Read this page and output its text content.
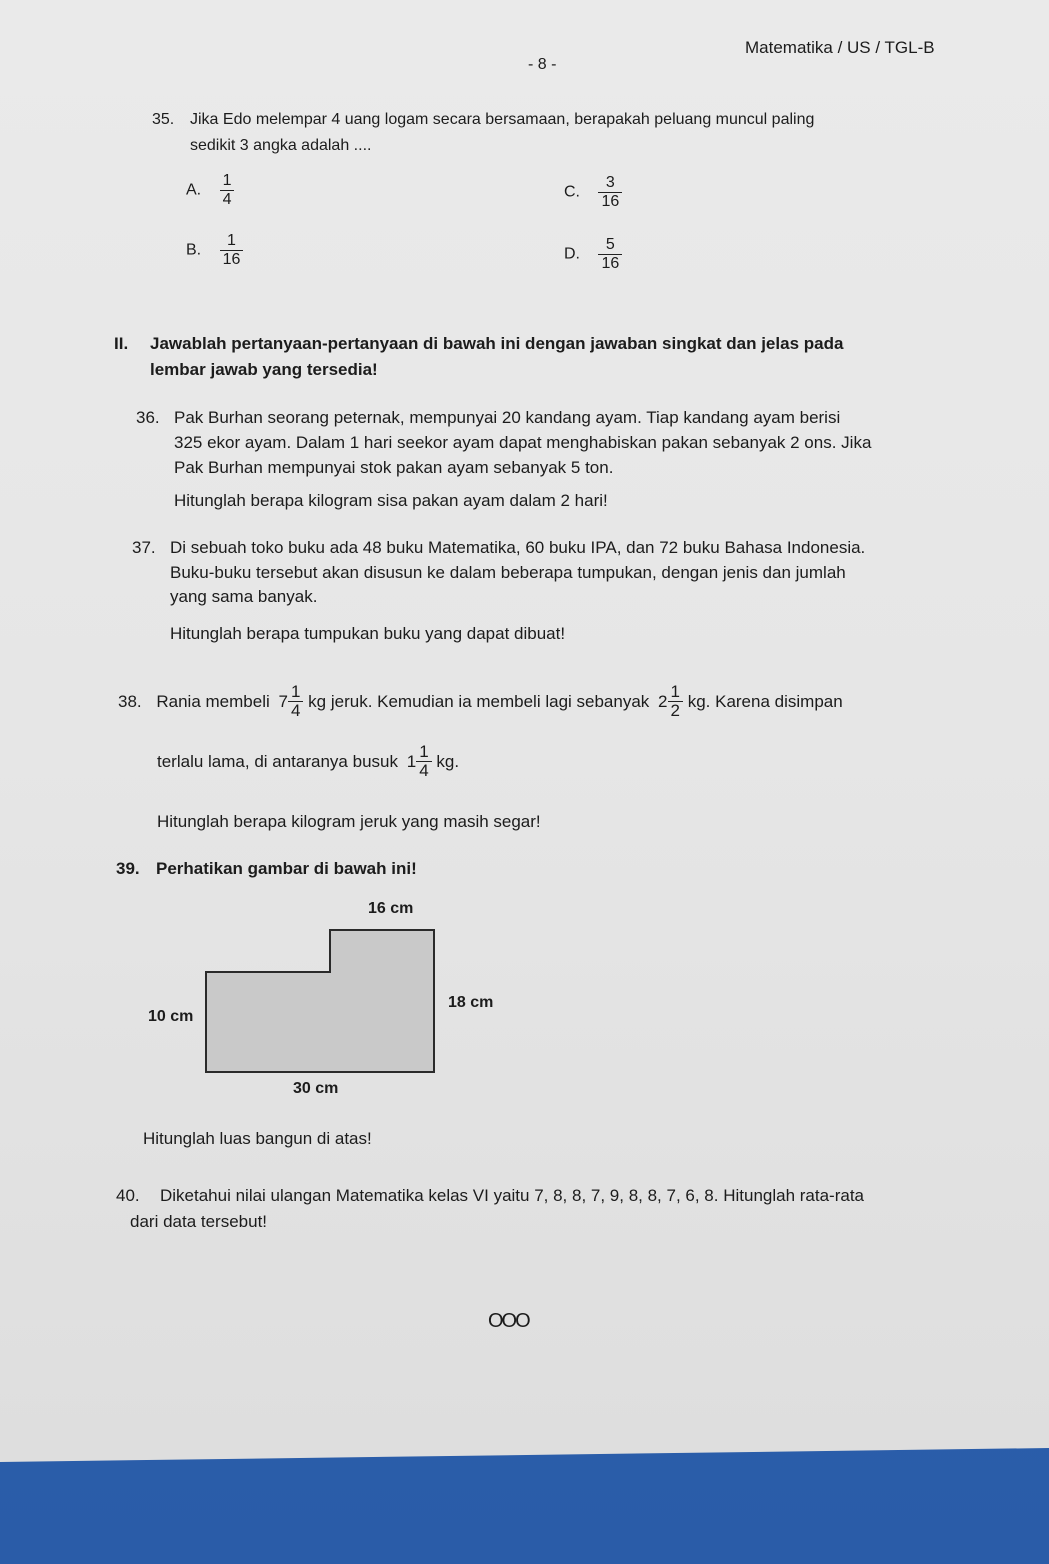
- 8 -
Matematika / US / TGL-B
35. Jika Edo melempar 4 uang logam secara bersamaan, berapakah peluang muncul paling
sedikit 3 angka adalah ....
A. $\frac{1}{4}$
B. $\frac{1}{16}$
C. $\frac{3}{16}$
D. $\frac{5}{16}$
II. Jawablah pertanyaan-pertanyaan di bawah ini dengan jawaban singkat dan jelas pada
lembar jawab yang tersedia!
36. Pak Burhan seorang peternak, mempunyai 20 kandang ayam. Tiap kandang ayam berisi
325 ekor ayam. Dalam 1 hari seekor ayam dapat menghabiskan pakan sebanyak 2 ons. Jika
Pak Burhan mempunyai stok pakan ayam sebanyak 5 ton.
Hitunglah berapa kilogram sisa pakan ayam dalam 2 hari!
37. Di sebuah toko buku ada 48 buku Matematika, 60 buku IPA, dan 72 buku Bahasa Indonesia.
Buku-buku tersebut akan disusun ke dalam beberapa tumpukan, dengan jenis dan jumlah
yang sama banyak.
Hitunglah berapa tumpukan buku yang dapat dibuat!
38. Rania membeli $7 \frac{1}{4}$ kg jeruk. Kemudian ia membeli lagi sebanyak $2 \frac{1}{2}$ kg. Karena disimpan
terlalu lama, di antaranya busuk $1 \frac{1}{4}$ kg.
Hitunglah berapa kilogram jeruk yang masih segar!
39. Perhatikan gambar di bawah ini!
16 cm
10 cm
18 cm
30 cm
Hitunglah luas bangun di atas!
40. Diketahui nilai ulangan Matematika kelas VI yaitu 7, 8, 8, 7, 9, 8, 8, 7, 6, 8. Hitunglah rata-rata
dari data tersebut!
OOO
